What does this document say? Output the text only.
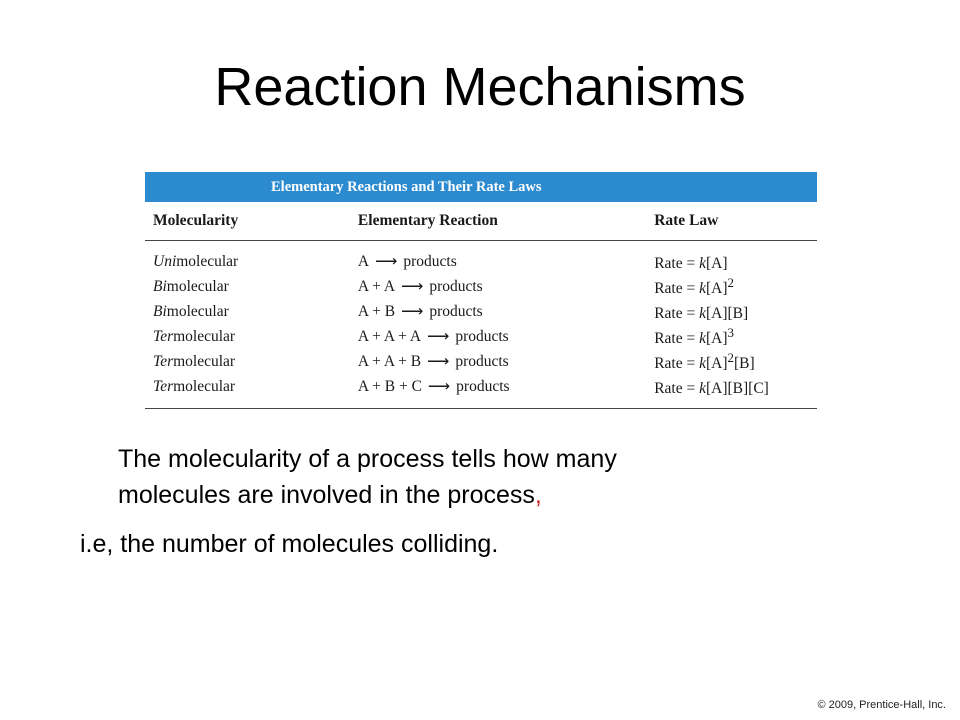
Reaction Mechanisms
Elementary Reactions and Their Rate Laws
Molecularity	Elementary Reaction	Rate Law
Unimolecular	A ⟶ products	Rate = k[A]
Bimolecular	A + A ⟶ products	Rate = $k[A]^2$
Bimolecular	A + B ⟶ products	Rate = k[A][B]
Termolecular	A + A + A ⟶ products	Rate = $k[A]^3$
Termolecular	A + A + B ⟶ products	Rate = $k[A]^2[B]$
Termolecular	A + B + C ⟶ products	Rate = k[A][B][C]

The molecularity of a process tells how many

molecules are involved in the process,

i.e, the number of molecules colliding.

© 2009, Prentice-Hall, Inc.
